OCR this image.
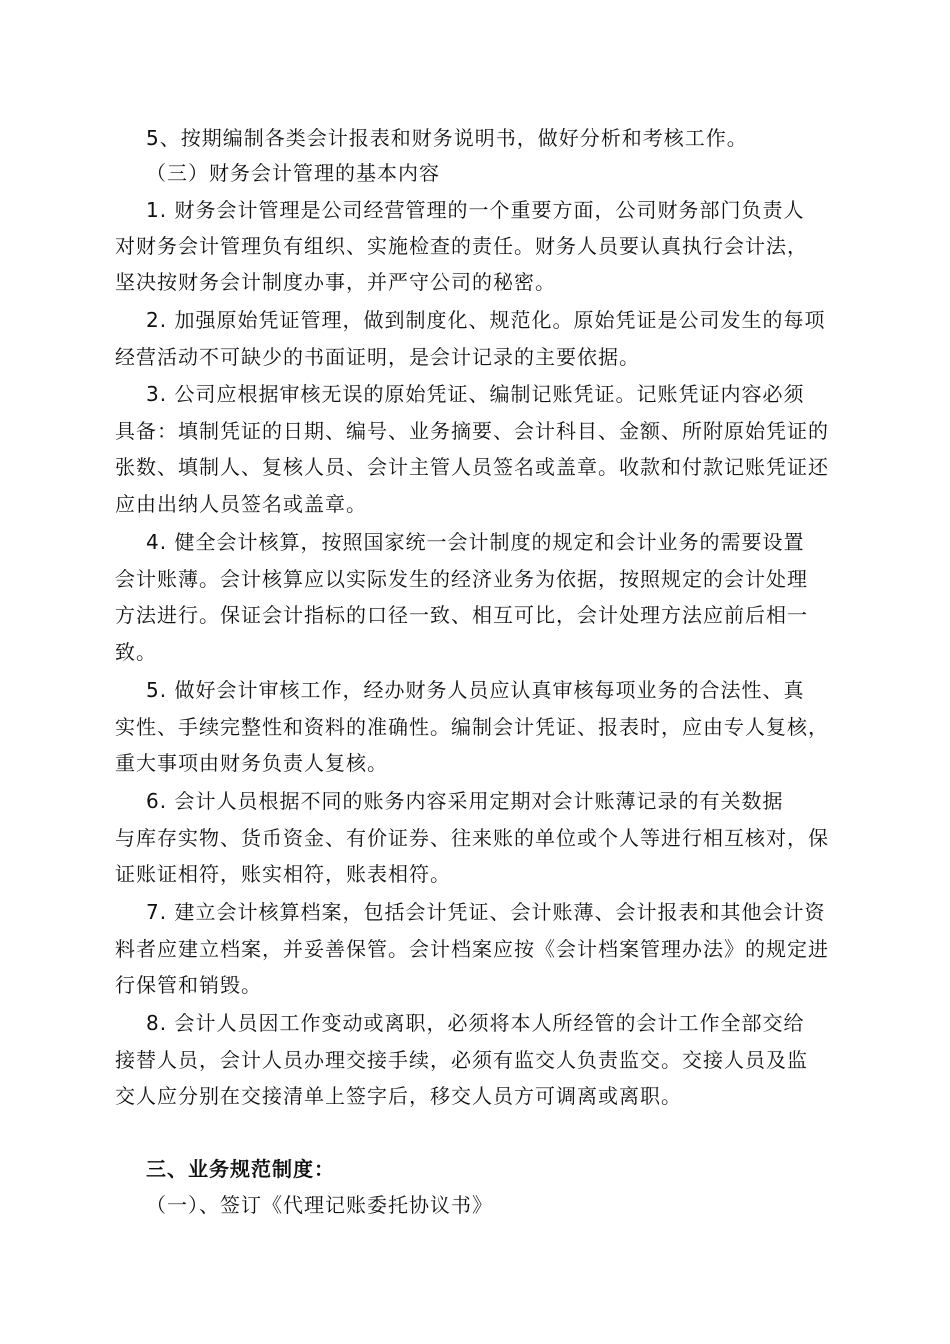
5、按期编制各类会计报表和财务说明书，做好分析和考核工作。
（三）财务会计管理的基本内容
1. 财务会计管理是公司经营管理的一个重要方面，公司财务部门负责人
对财务会计管理负有组织、实施检查的责任。财务人员要认真执行会计法，
坚决按财务会计制度办事，并严守公司的秘密。
2. 加强原始凭证管理，做到制度化、规范化。原始凭证是公司发生的每项
经营活动不可缺少的书面证明，是会计记录的主要依据。
3. 公司应根据审核无误的原始凭证、编制记账凭证。记账凭证内容必须
具备：填制凭证的日期、编号、业务摘要、会计科目、金额、所附原始凭证的
张数、填制人、复核人员、会计主管人员签名或盖章。收款和付款记账凭证还
应由出纳人员签名或盖章。
4. 健全会计核算，按照国家统一会计制度的规定和会计业务的需要设置
会计账薄。会计核算应以实际发生的经济业务为依据，按照规定的会计处理
方法进行。保证会计指标的口径一致、相互可比，会计处理方法应前后相一
致。
5. 做好会计审核工作，经办财务人员应认真审核每项业务的合法性、真
实性、手续完整性和资料的准确性。编制会计凭证、报表时，应由专人复核，
重大事项由财务负责人复核。
6. 会计人员根据不同的账务内容采用定期对会计账薄记录的有关数据
与库存实物、货币资金、有价证券、往来账的单位或个人等进行相互核对，保
证账证相符，账实相符，账表相符。
7. 建立会计核算档案，包括会计凭证、会计账薄、会计报表和其他会计资
料者应建立档案，并妥善保管。会计档案应按《会计档案管理办法》的规定进
行保管和销毁。
8. 会计人员因工作变动或离职，必须将本人所经管的会计工作全部交给
接替人员，会计人员办理交接手续，必须有监交人负责监交。交接人员及监
交人应分别在交接清单上签字后，移交人员方可调离或离职。
三、业务规范制度：
（一）、签订《代理记账委托协议书》
